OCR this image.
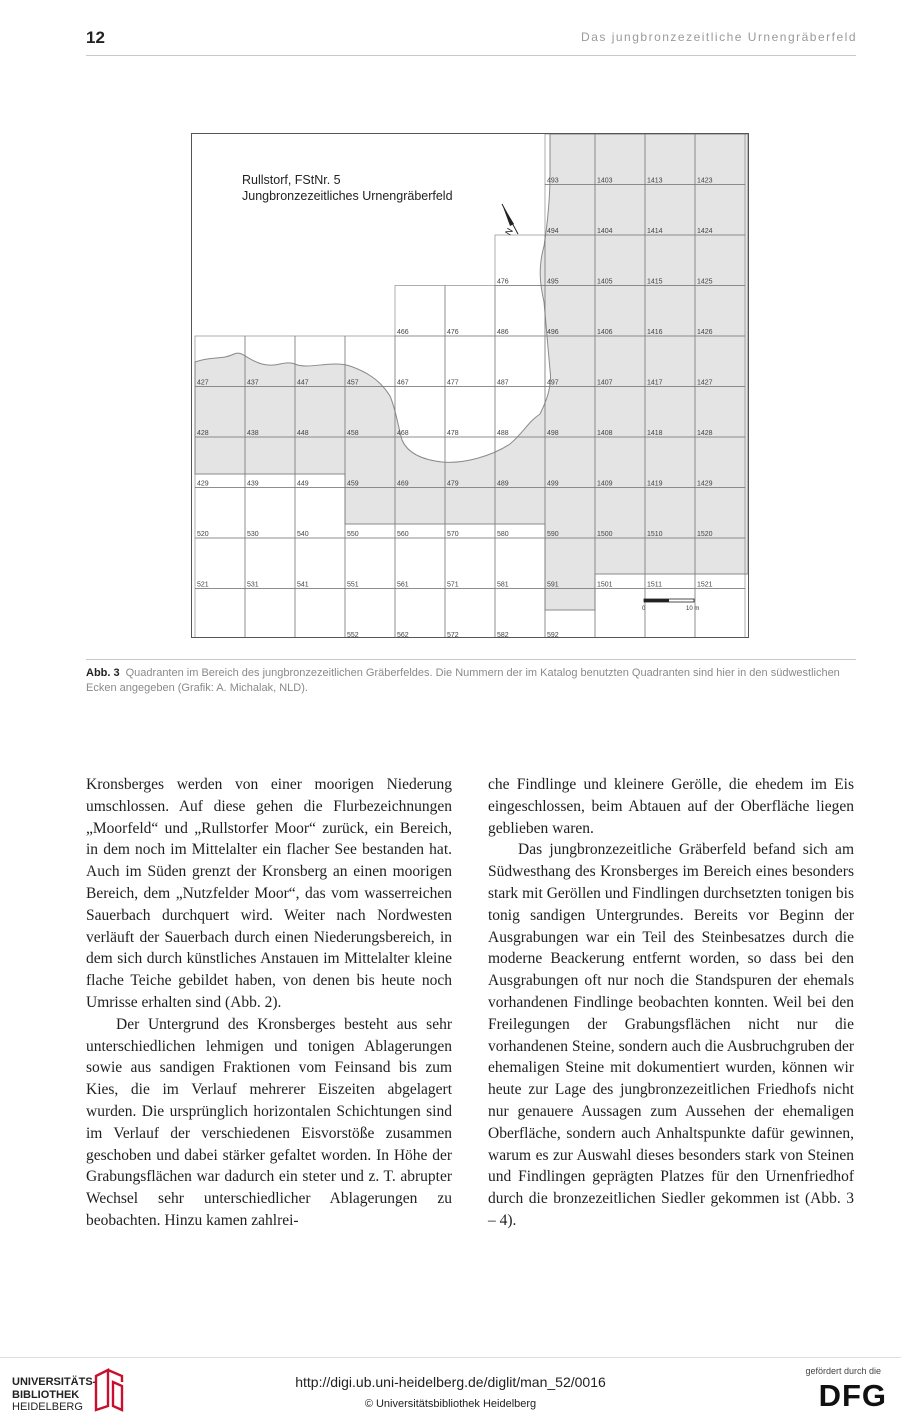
12	Das jungbronzezeitliche Urnengräberfeld
493	1403	1413	1423
494	1404	1414	1424
476	495	1405	1415	1425
466	476	486	496	1406	1416	1426
427	437	447	457	467	477	487	497	1407	1417	1427
428	438	448	458	468	478	488	498	1408	1418	1428
429	439	449	459	469	479	489	499	1409	1419	1429
520	530	540	550	560	570	580	590	1500	1510	1520
521	531	541	551	561	571	581	591	1501	1511	1521
552	562	572	582	592
N
0	10 m
Rullstorf, FStNr. 5
Jungbronzezeitliches Urnengräberfeld
Abb. 3 Quadranten im Bereich des jungbronzezeitlichen Gräberfeldes. Die Nummern der im Katalog benutzten Quadranten sind hier in den südwestlichen Ecken angegeben (Grafik: A. Michalak, NLD).

Kronsberges werden von einer moorigen Niederung umschlossen. Auf diese gehen die Flurbezeichnungen „Moorfeld“ und „Rullstorfer Moor“ zurück, ein Bereich, in dem noch im Mittelalter ein flacher See bestanden hat. Auch im Süden grenzt der Kronsberg an einen moorigen Bereich, dem „Nutzfelder Moor“, das vom wasserreichen Sauerbach durchquert wird. Weiter nach Nordwesten verläuft der Sauerbach durch einen Niederungsbereich, in dem sich durch künstliches Anstauen im Mittelalter kleine flache Teiche gebildet haben, von denen bis heute noch Umrisse erhalten sind (Abb. 2).

Der Untergrund des Kronsberges besteht aus sehr unterschiedlichen lehmigen und tonigen Ablagerungen sowie aus sandigen Fraktionen vom Feinsand bis zum Kies, die im Verlauf mehrerer Eiszeiten abgelagert wurden. Die ursprünglich horizontalen Schichtungen sind im Verlauf der verschiedenen Eisvorstöße zusammen geschoben und dabei stärker gefaltet worden. In Höhe der Grabungsflächen war dadurch ein steter und z. T. abrupter Wechsel sehr unterschiedlicher Ablagerungen zu beobachten. Hinzu kamen zahlrei-

che Findlinge und kleinere Gerölle, die ehedem im Eis eingeschlossen, beim Abtauen auf der Oberfläche liegen geblieben waren.

Das jungbronzezeitliche Gräberfeld befand sich am Südwesthang des Kronsberges im Bereich eines besonders stark mit Geröllen und Findlingen durchsetzten tonigen bis tonig sandigen Untergrundes. Bereits vor Beginn der Ausgrabungen war ein Teil des Steinbesatzes durch die moderne Beackerung entfernt worden, so dass bei den Ausgrabungen oft nur noch die Standspuren der ehemals vorhandenen Findlinge beobachten konnten. Weil bei den Freilegungen der Grabungsflächen nicht nur die vorhandenen Steine, sondern auch die Ausbruchgruben der ehemaligen Steine mit dokumentiert wurden, können wir heute zur Lage des jungbronzezeitlichen Friedhofs nicht nur genauere Aussagen zum Aussehen der ehemaligen Oberfläche, sondern auch Anhaltspunkte dafür gewinnen, warum es zur Auswahl dieses besonders stark von Steinen und Findlingen geprägten Platzes für den Urnenfriedhof durch die bronzezeitlichen Siedler gekommen ist (Abb. 3 – 4).

UNIVERSITÄTS-
BIBLIOTHEK
HEIDELBERG
http://digi.ub.uni-heidelberg.de/diglit/man_52/0016
© Universitätsbibliothek Heidelberg
gefördert durch die
DFG
